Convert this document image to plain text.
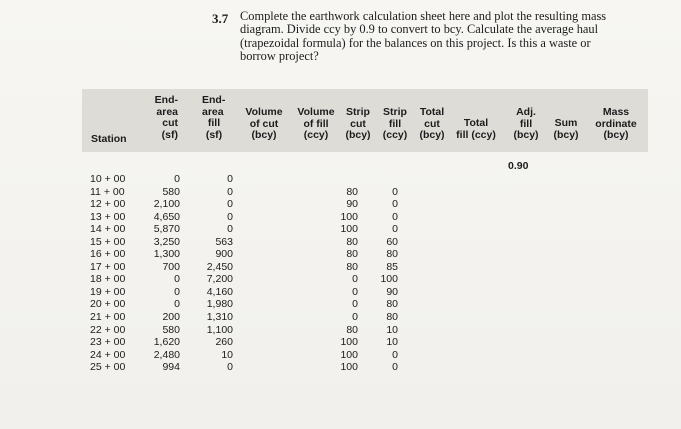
3.7 Complete the earthwork calculation sheet here and plot the resulting mass
diagram. Divide ccy by 0.9 to convert to bcy. Calculate the average haul
(trapezoidal formula) for the balances on this project. Is this a waste or
borrow project?
Station
End-
area
cut
(sf)
End-
area
fill
(sf)
Volume
of cut
(bcy)
Volume
of fill
(ccy)
Strip
cut
(bcy)
Strip
fill
(ccy)
Total
cut
(bcy)
Total
fill (ccy)
Adj.
fill
(bcy)
Sum
(bcy)
Mass
ordinate
(bcy)
0.90
10 + 00
11 + 00
12 + 00
13 + 00
14 + 00
15 + 00
16 + 00
17 + 00
18 + 00
19 + 00
20 + 00
21 + 00
22 + 00
23 + 00
24 + 00
25 + 00
0
580
2,100
4,650
5,870
3,250
1,300
700
0
0
0
200
580
1,620
2,480
994
0
0
0
0
0
563
900
2,450
7,200
4,160
1,980
1,310
1,100
260
10
0
80
90
100
100
80
80
80
0
0
0
0
80
100
100
100
0
0
0
0
60
80
85
100
90
80
80
10
10
0
0
